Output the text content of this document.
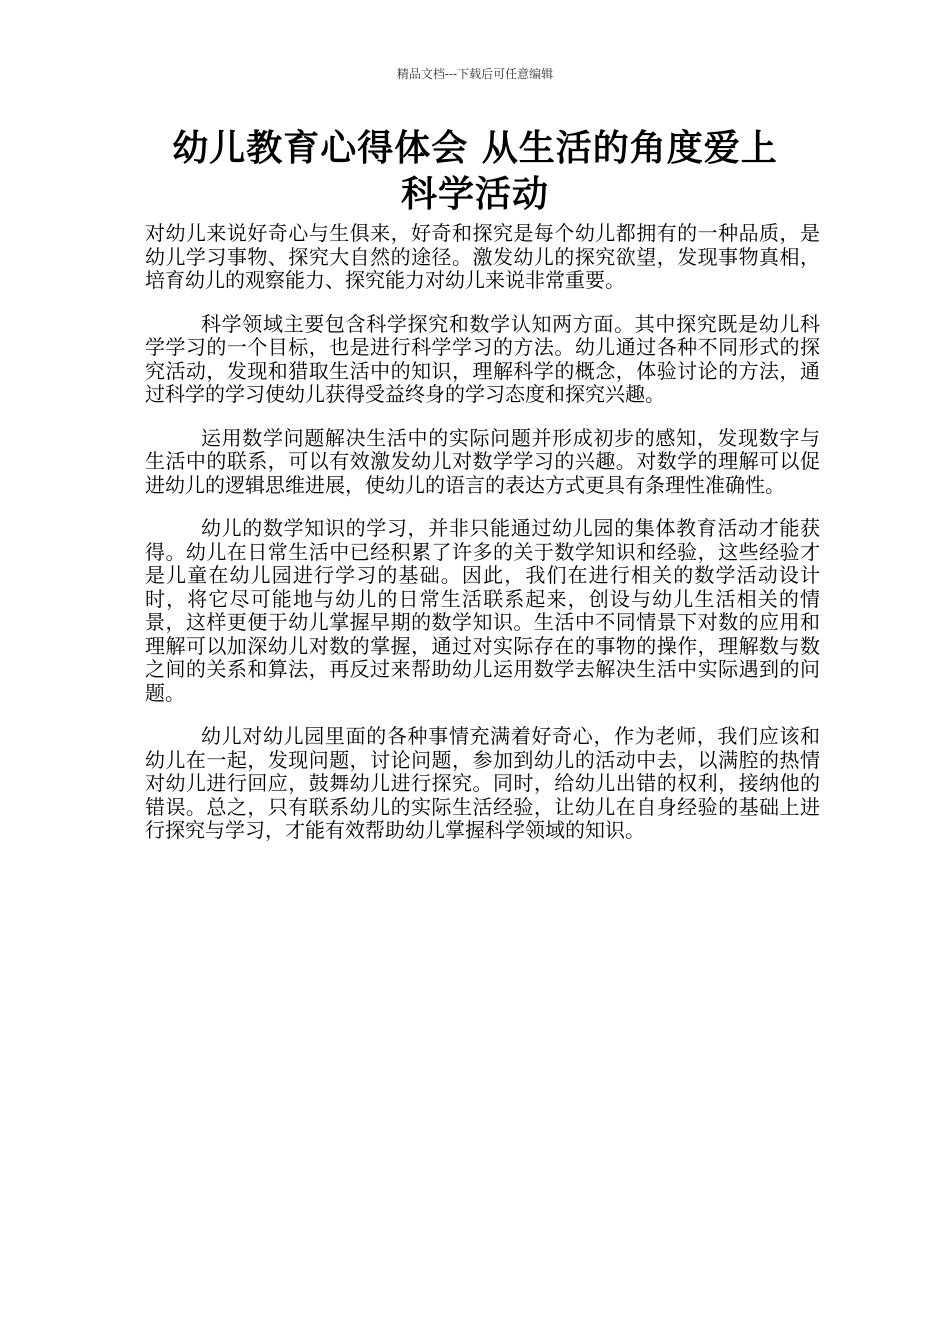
精品文档---下载后可任意编辑
幼儿教育心得体会 从生活的角度爱上
科学活动

对幼儿来说好奇心与生俱来，好奇和探究是每个幼儿都拥有的一种品质，是幼儿学习事物、探究大自然的途径。激发幼儿的探究欲望，发现事物真相，培育幼儿的观察能力、探究能力对幼儿来说非常重要。

科学领域主要包含科学探究和数学认知两方面。其中探究既是幼儿科学学习的一个目标，也是进行科学学习的方法。幼儿通过各种不同形式的探究活动，发现和猎取生活中的知识，理解科学的概念，体验讨论的方法，通过科学的学习使幼儿获得受益终身的学习态度和探究兴趣。

运用数学问题解决生活中的实际问题并形成初步的感知，发现数字与生活中的联系，可以有效激发幼儿对数学学习的兴趣。对数学的理解可以促进幼儿的逻辑思维进展，使幼儿的语言的表达方式更具有条理性准确性。

幼儿的数学知识的学习，并非只能通过幼儿园的集体教育活动才能获得。幼儿在日常生活中已经积累了许多的关于数学知识和经验，这些经验才是儿童在幼儿园进行学习的基础。因此，我们在进行相关的数学活动设计时，将它尽可能地与幼儿的日常生活联系起来，创设与幼儿生活相关的情景，这样更便于幼儿掌握早期的数学知识。生活中不同情景下对数的应用和理解可以加深幼儿对数的掌握，通过对实际存在的事物的操作，理解数与数之间的关系和算法，再反过来帮助幼儿运用数学去解决生活中实际遇到的问题。

幼儿对幼儿园里面的各种事情充满着好奇心，作为老师，我们应该和幼儿在一起，发现问题，讨论问题，参加到幼儿的活动中去，以满腔的热情对幼儿进行回应，鼓舞幼儿进行探究。同时，给幼儿出错的权利，接纳他的错误。总之，只有联系幼儿的实际生活经验，让幼儿在自身经验的基础上进行探究与学习，才能有效帮助幼儿掌握科学领域的知识。
